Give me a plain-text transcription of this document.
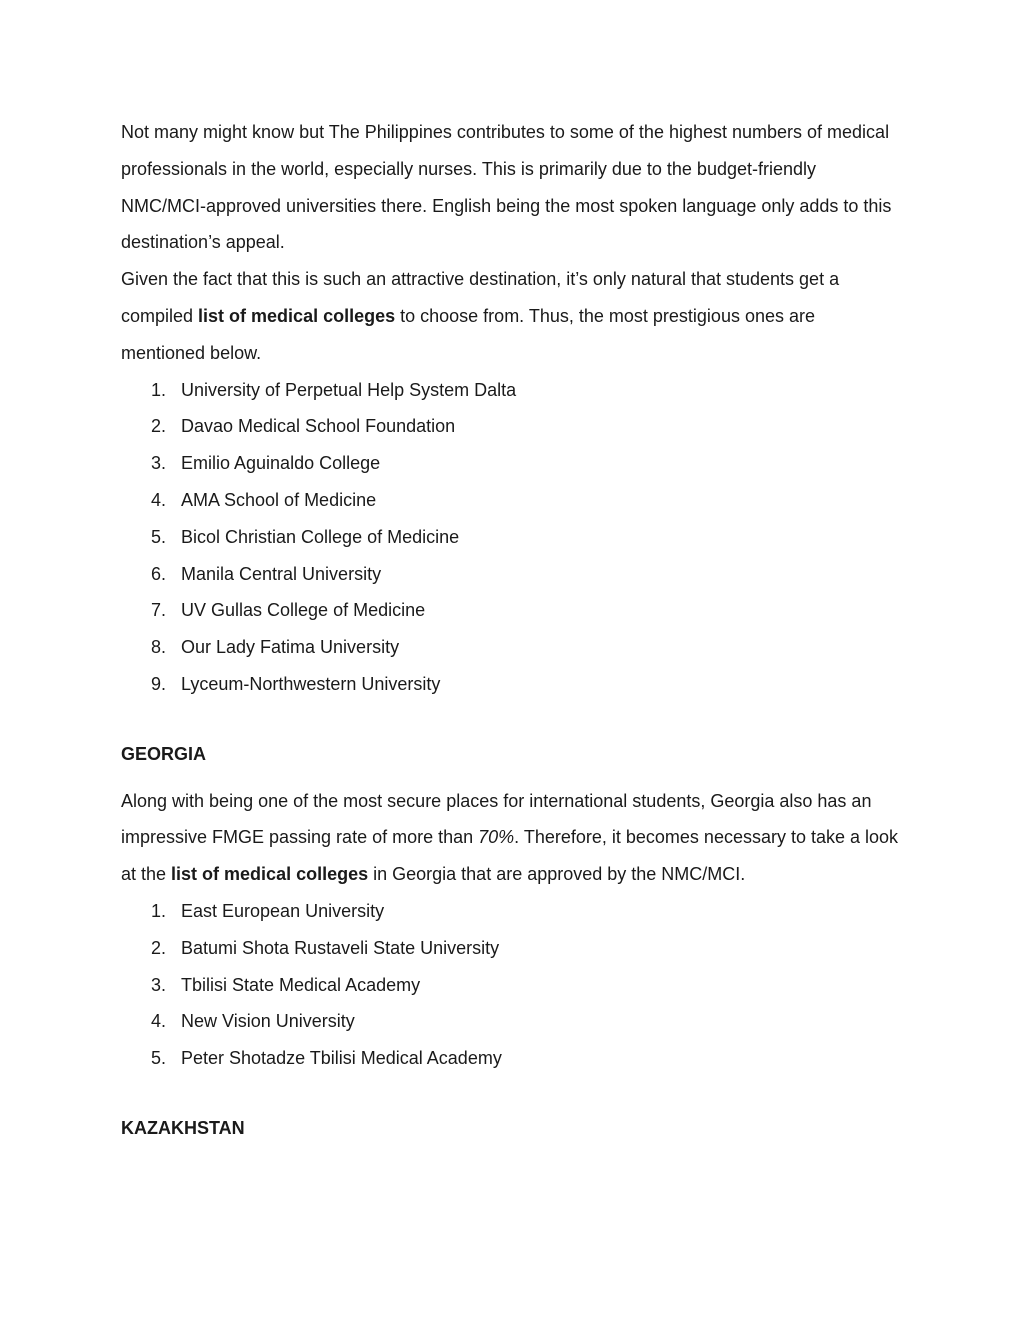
Not many might know but The Philippines contributes to some of the highest numbers of medical professionals in the world, especially nurses. This is primarily due to the budget-friendly NMC/MCI-approved universities there. English being the most spoken language only adds to this destination’s appeal.

Given the fact that this is such an attractive destination, it’s only natural that students get a compiled list of medical colleges to choose from. Thus, the most prestigious ones are mentioned below.

1. University of Perpetual Help System Dalta
2. Davao Medical School Foundation
3. Emilio Aguinaldo College
4. AMA School of Medicine
5. Bicol Christian College of Medicine
6. Manila Central University
7. UV Gullas College of Medicine
8. Our Lady Fatima University
9. Lyceum-Northwestern University

GEORGIA

Along with being one of the most secure places for international students, Georgia also has an impressive FMGE passing rate of more than 70%. Therefore, it becomes necessary to take a look at the list of medical colleges in Georgia that are approved by the NMC/MCI.

1. East European University
2. Batumi Shota Rustaveli State University
3. Tbilisi State Medical Academy
4. New Vision University
5. Peter Shotadze Tbilisi Medical Academy

KAZAKHSTAN
